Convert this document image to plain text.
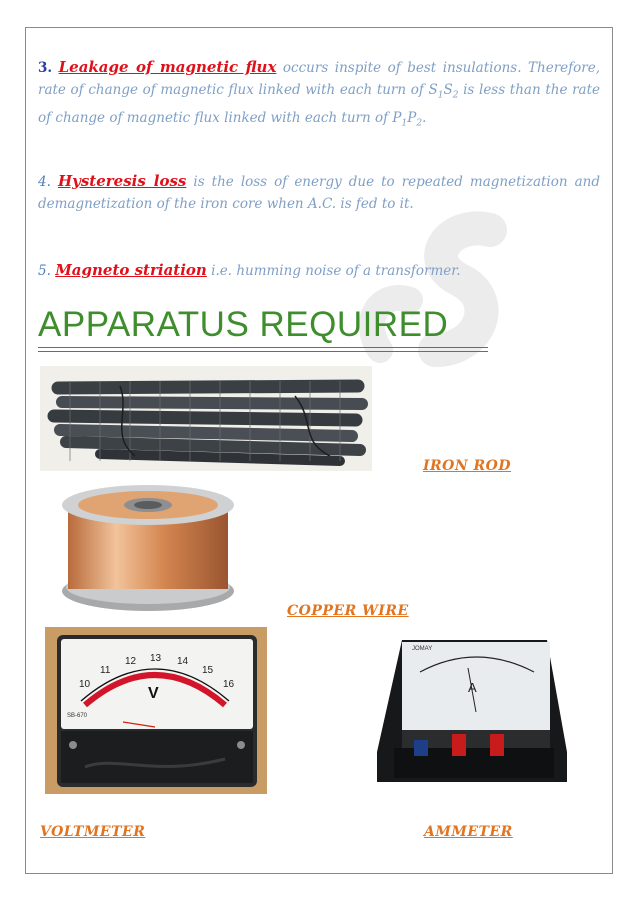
3. Leakage of magnetic flux occurs inspite of best insulations. Therefore, rate of change of magnetic flux linked with each turn of $S_1S_2$ is less than the rate of change of magnetic flux linked with each turn of $P_1P_2$.
4. Hysteresis loss is the loss of energy due to repeated magnetization and demagnetization of the iron core when A.C. is fed to it.
5. Magneto striation i.e. humming noise of a transformer.
APPARATUS REQUIRED
IRON ROD
COPPER WIRE
10
11
12 13 14
15
16
V
SB-670
JOMAY
A
VOLTMETER	AMMETER
